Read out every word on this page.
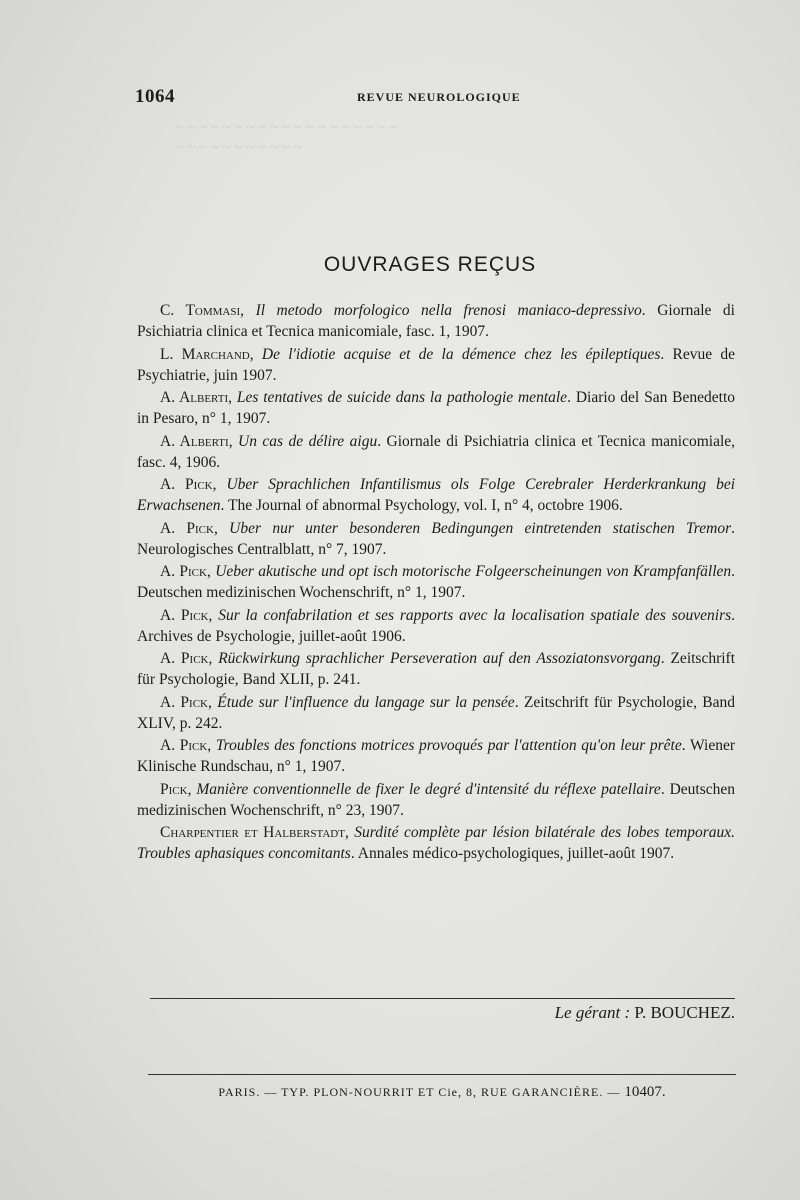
~ ~ ~ ~ ~ ~ ~ ~ ~ ~ ~ ~ ~ ~ ~ ~ ~ ~ ~
~ ~ ~ ~ ~ ~ ~ ~ ~ ~ ~
1064	REVUE NEUROLOGIQUE
OUVRAGES REÇUS

C. Tommasi, Il metodo morfologico nella frenosi maniaco-depressivo. Giornale di Psichiatria clinica et Tecnica manicomiale, fasc. 1, 1907.

L. Marchand, De l'idiotie acquise et de la démence chez les épileptiques. Revue de Psychiatrie, juin 1907.

A. Alberti, Les tentatives de suicide dans la pathologie mentale. Diario del San Benedetto in Pesaro, n° 1, 1907.

A. Alberti, Un cas de délire aigu. Giornale di Psichiatria clinica et Tecnica manicomiale, fasc. 4, 1906.

A. Pick, Uber Sprachlichen Infantilismus ols Folge Cerebraler Herderkrankung bei Erwachsenen. The Journal of abnormal Psychology, vol. I, n° 4, octobre 1906.

A. Pick, Uber nur unter besonderen Bedingungen eintretenden statischen Tremor. Neurologisches Centralblatt, n° 7, 1907.

A. Pick, Ueber akutische und opt isch motorische Folgeerscheinungen von Krampfanfällen. Deutschen medizinischen Wochenschrift, n° 1, 1907.

A. Pick, Sur la confabrilation et ses rapports avec la localisation spatiale des souvenirs. Archives de Psychologie, juillet-août 1906.

A. Pick, Rückwirkung sprachlicher Perseveration auf den Assoziatonsvorgang. Zeitschrift für Psychologie, Band XLII, p. 241.

A. Pick, Étude sur l'influence du langage sur la pensée. Zeitschrift für Psychologie, Band XLIV, p. 242.

A. Pick, Troubles des fonctions motrices provoqués par l'attention qu'on leur prête. Wiener Klinische Rundschau, n° 1, 1907.

Pick, Manière conventionnelle de fixer le degré d'intensité du réflexe patellaire. Deutschen medizinischen Wochenschrift, n° 23, 1907.

Charpentier et Halberstadt, Surdité complète par lésion bilatérale des lobes temporaux. Troubles aphasiques concomitants. Annales médico-psychologiques, juillet-août 1907.

Le gérant : P. BOUCHEZ.
PARIS. — TYP. PLON-NOURRIT ET Cie, 8, RUE GARANCIÈRE. — 10407.
